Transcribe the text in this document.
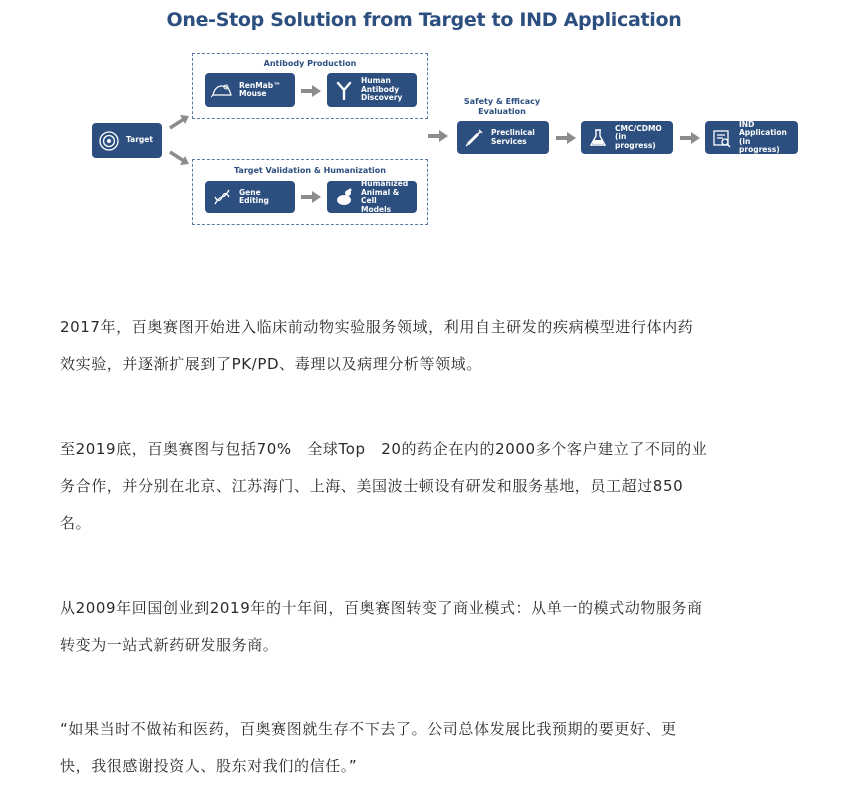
One-Stop Solution from Target to IND Application
Target
Antibody Production
RenMab™
Mouse
Human
Antibody
Discovery
Target Validation & Humanization
Gene Editing
Humanized
Animal & Cell
Models
Safety & Efficacy
Evaluation
Preclinical
Services
CMC/CDMO
(in progress)
IND Application
(in progress)

2017年，百奥赛图开始进入临床前动物实验服务领域，利用自主研发的疾病模型进行体内药

效实验，并逐渐扩展到了PK/PD、毒理以及病理分析等领域。

至2019底，百奥赛图与包括70%　全球Top　20的药企在内的2000多个客户建立了不同的业

务合作，并分别在北京、江苏海门、上海、美国波士顿设有研发和服务基地，员工超过850

名。

从2009年回国创业到2019年的十年间，百奥赛图转变了商业模式：从单一的模式动物服务商

转变为一站式新药研发服务商。

“如果当时不做祐和医药，百奥赛图就生存不下去了。公司总体发展比我预期的要更好、更

快，我很感谢投资人、股东对我们的信任。”
